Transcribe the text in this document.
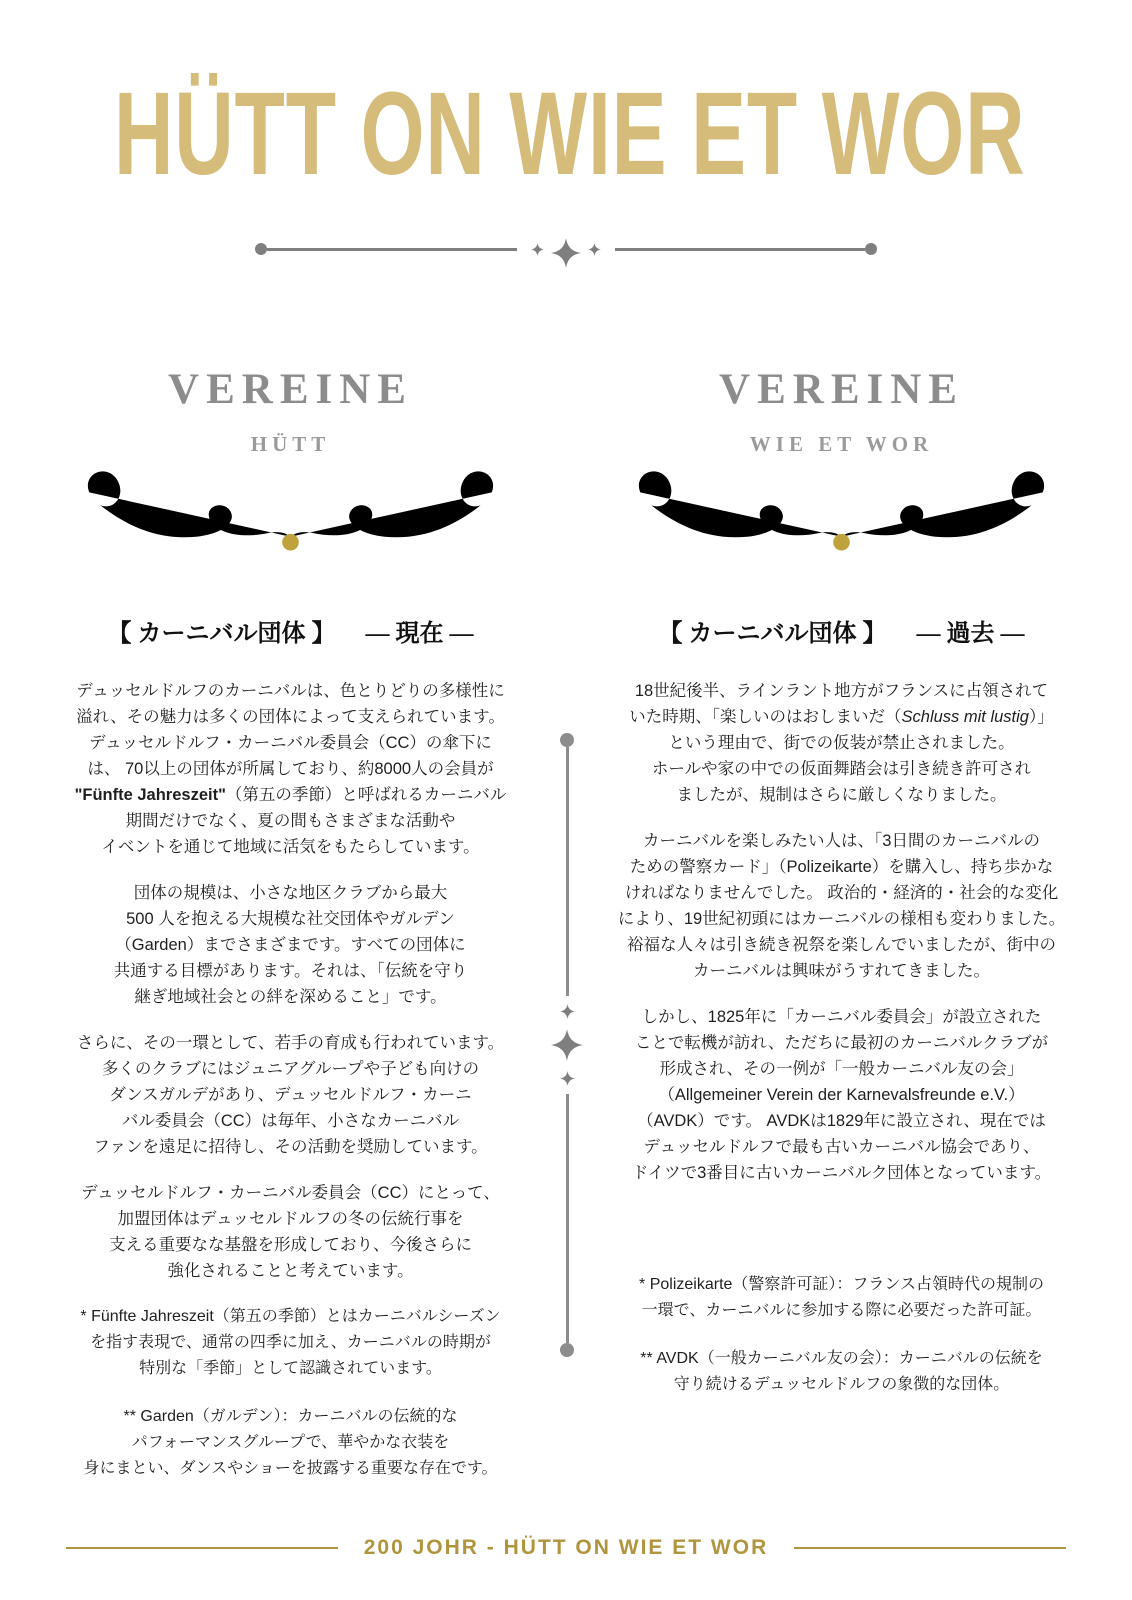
HÜTT ON WIE ET WOR
VEREINE
HÜTT
【 カーニバル団体 】 — 現在 —

デュッセルドルフのカーニバルは、色とりどりの多様性に
溢れ、その魅力は多くの団体によって支えられています。
デュッセルドルフ・カーニバル委員会（CC）の傘下に
は、 70以上の団体が所属しており、約8000人の会員が
"Fünfte Jahreszeit"（第五の季節）と呼ばれるカーニバル
期間だけでなく、夏の間もさまざまな活動や
イベントを通じて地域に活気をもたらしています。

団体の規模は、小さな地区クラブから最大
500 人を抱える大規模な社交団体やガルデン
（Garden）までさまざまです。すべての団体に
共通する目標があります。それは、「伝統を守り
継ぎ地域社会との絆を深めること」です。

さらに、その一環として、若手の育成も行われています。
多くのクラブにはジュニアグループや子ども向けの
ダンスガルデがあり、デュッセルドルフ・カーニ
バル委員会（CC）は毎年、小さなカーニバル
ファンを遠足に招待し、その活動を奨励しています。

デュッセルドルフ・カーニバル委員会（CC）にとって、
加盟団体はデュッセルドルフの冬の伝統行事を
支える重要なな基盤を形成しており、今後さらに
強化されることと考えています。

* Fünfte Jahreszeit（第五の季節）とはカーニバルシーズン
を指す表現で、通常の四季に加え、カーニバルの時期が
特別な「季節」として認識されています。

** Garden（ガルデン）：カーニバルの伝統的な
パフォーマンスグループで、華やかな衣装を
身にまとい、ダンスやショーを披露する重要な存在です。

VEREINE
WIE ET WOR
【 カーニバル団体 】 — 過去 —

18世紀後半、ラインラント地方がフランスに占領されて
いた時期、「楽しいのはおしまいだ（Schluss mit lustig）」
という理由で、街での仮装が禁止されました。
ホールや家の中での仮面舞踏会は引き続き許可され
ましたが、規制はさらに厳しくなりました。

カーニバルを楽しみたい人は、「3日間のカーニバルの
ための警察カード」（Polizeikarte）を購入し、持ち歩かな
ければなりませんでした。 政治的・経済的・社会的な変化
により、19世紀初頭にはカーニバルの様相も変わりました。
裕福な人々は引き続き祝祭を楽しんでいましたが、街中の
カーニバルは興味がうすれてきました。

しかし、1825年に「カーニバル委員会」が設立された
ことで転機が訪れ、ただちに最初のカーニバルクラブが
形成され、その一例が「一般カーニバル友の会」
（Allgemeiner Verein der Karnevalsfreunde e.V.）
（AVDK）です。 AVDKは1829年に設立され、現在では
デュッセルドルフで最も古いカーニバル協会であり、
ドイツで3番目に古いカーニバルク団体となっています。

* Polizeikarte（警察許可証）：フランス占領時代の規制の
一環で、カーニバルに参加する際に必要だった許可証。

** AVDK（一般カーニバル友の会）：カーニバルの伝統を
守り続けるデュッセルドルフの象徴的な団体。

200 JOHR - HÜTT ON WIE ET WOR
